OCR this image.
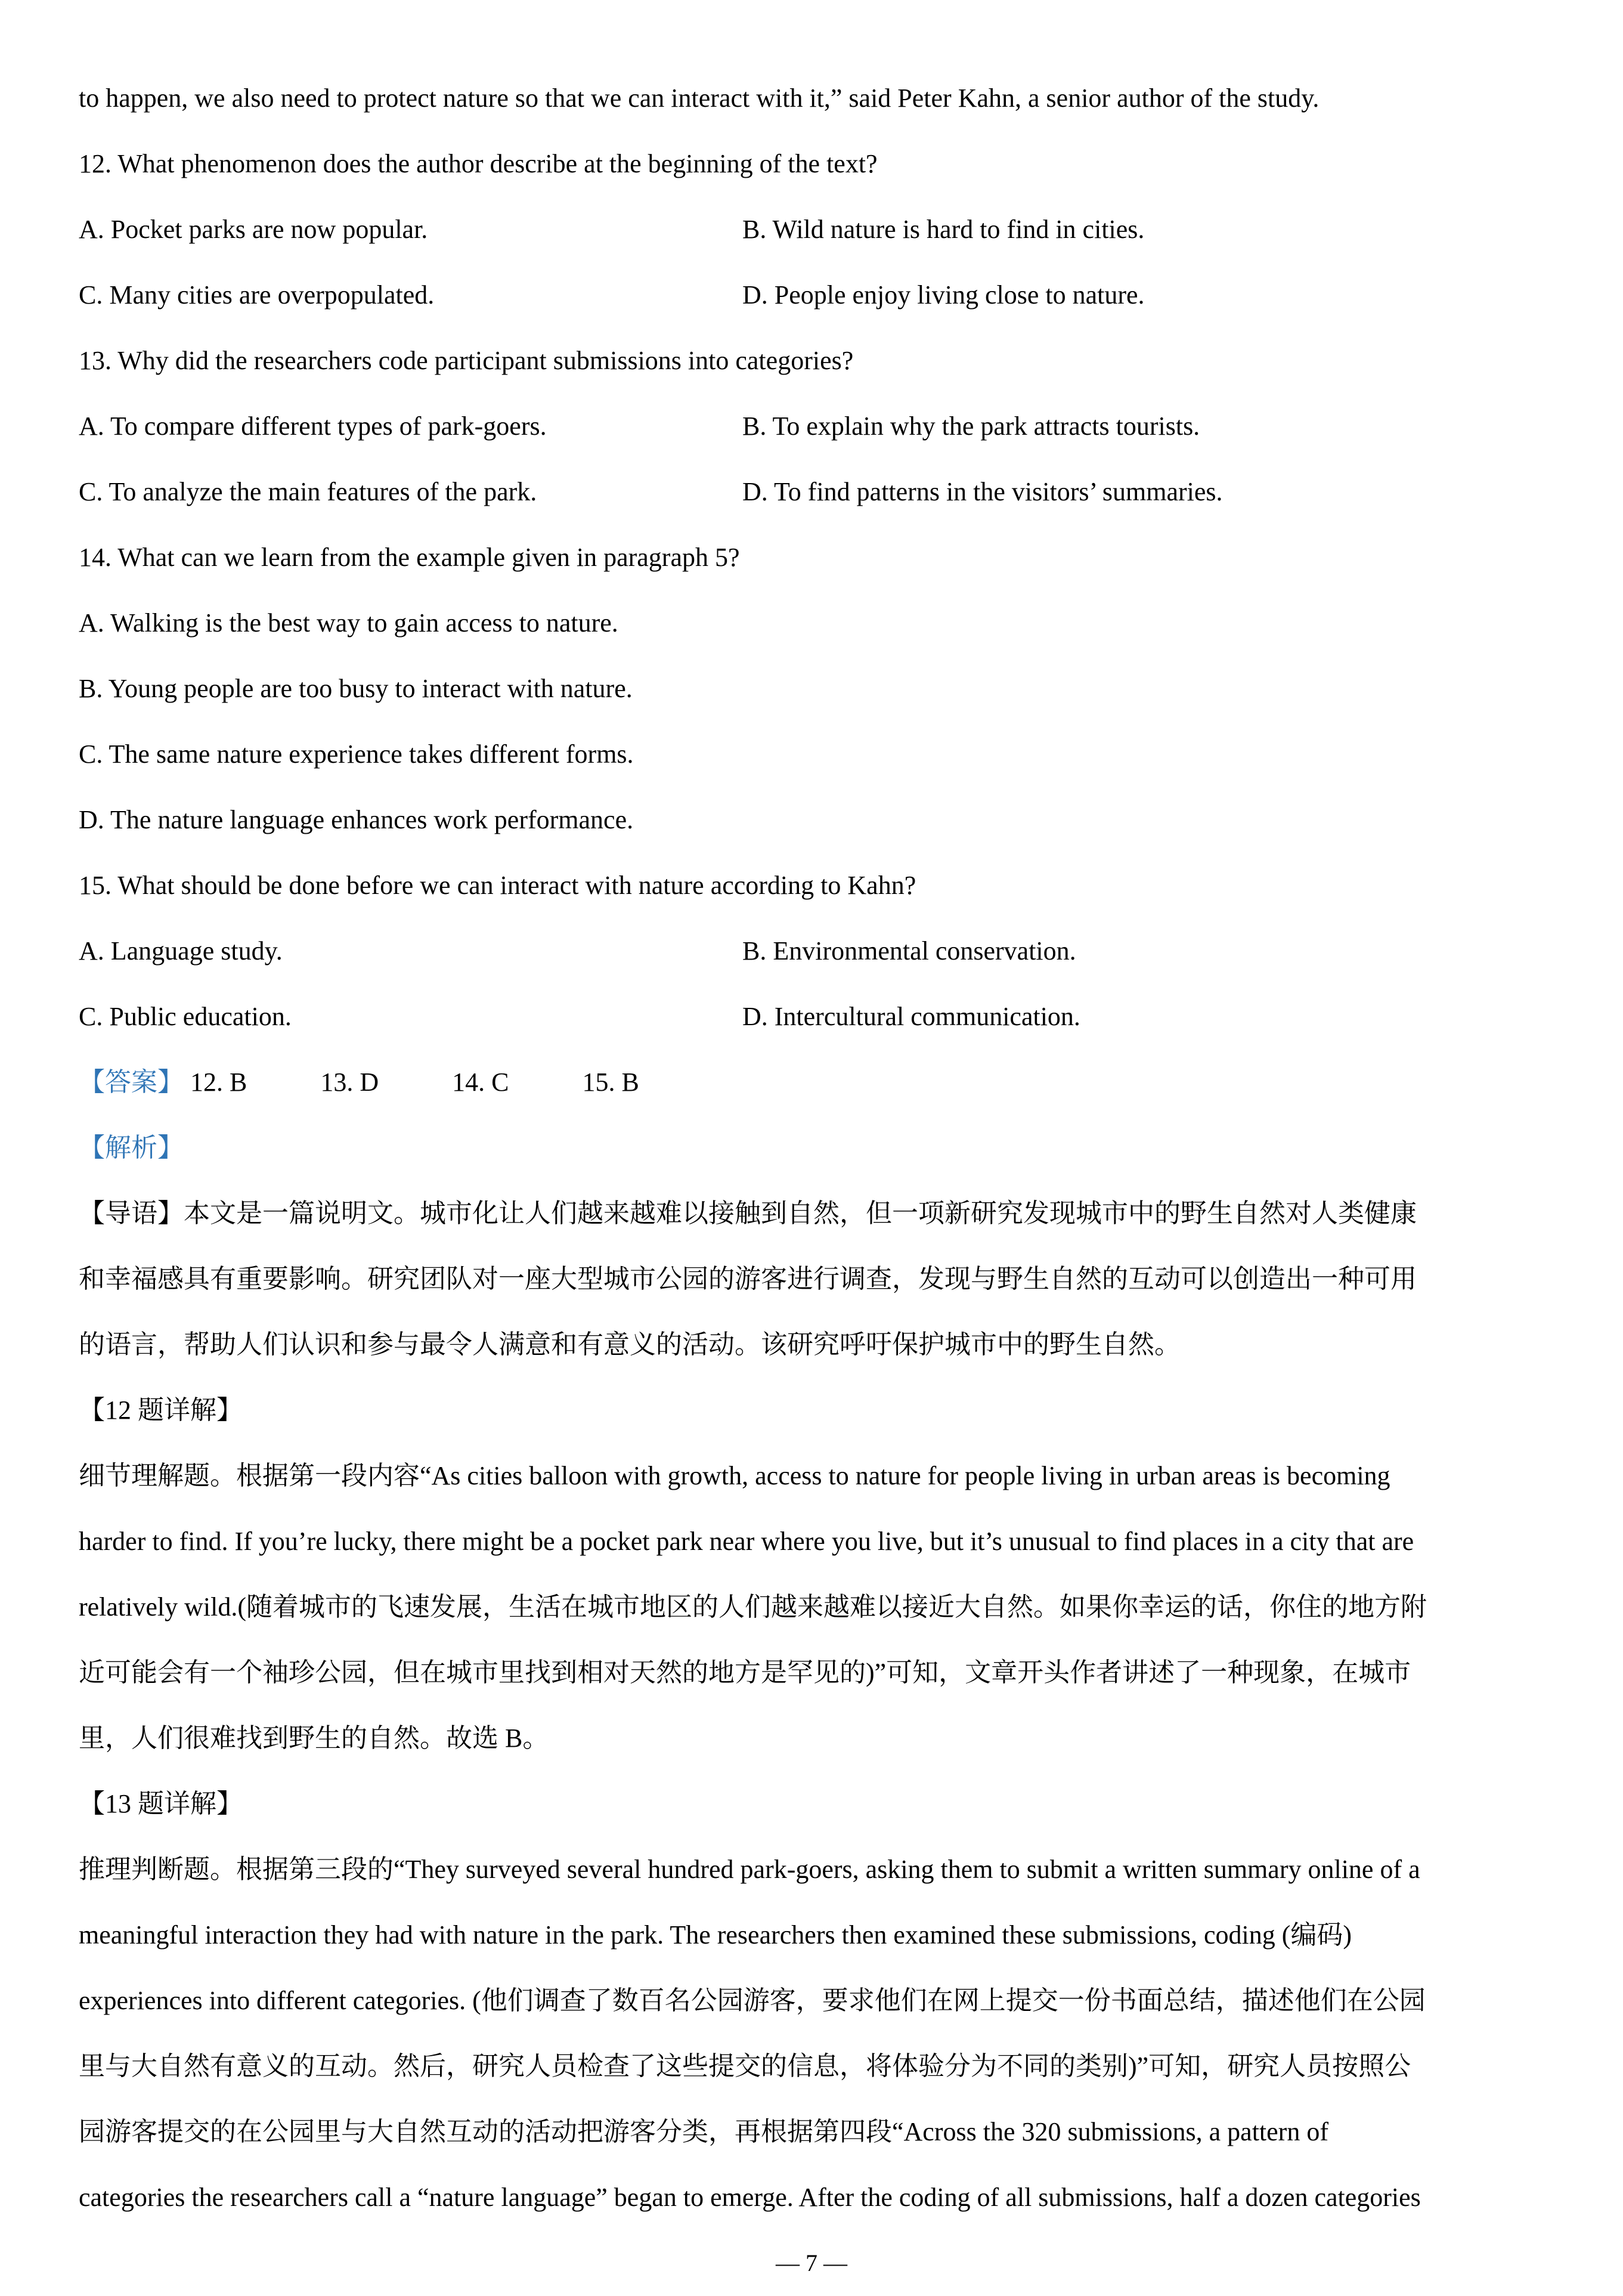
to happen, we also need to protect nature so that we can interact with it,” said Peter Kahn, a senior author of the study.
12. What phenomenon does the author describe at the beginning of the text?
A. Pocket parks are now popular.	B. Wild nature is hard to find in cities.
C. Many cities are overpopulated.	D. People enjoy living close to nature.
13. Why did the researchers code participant submissions into categories?
A. To compare different types of park-goers.	B. To explain why the park attracts tourists.
C. To analyze the main features of the park.	D. To find patterns in the visitors’ summaries.
14. What can we learn from the example given in paragraph 5?
A. Walking is the best way to gain access to nature.
B. Young people are too busy to interact with nature.
C. The same nature experience takes different forms.
D. The nature language enhances work performance.
15. What should be done before we can interact with nature according to Kahn?
A. Language study.	B. Environmental conservation.
C. Public education.	D. Intercultural communication.
【答案】 12. B	13. D	14. C	15. B
【解析】
【导语】本文是一篇说明文。城市化让人们越来越难以接触到自然，但一项新研究发现城市中的野生自然对人类健康
和幸福感具有重要影响。研究团队对一座大型城市公园的游客进行调查，发现与野生自然的互动可以创造出一种可用
的语言，帮助人们认识和参与最令人满意和有意义的活动。该研究呼吁保护城市中的野生自然。
【12 题详解】
细节理解题。根据第一段内容“As cities balloon with growth, access to nature for people living in urban areas is becoming
harder to find. If you’re lucky, there might be a pocket park near where you live, but it’s unusual to find places in a city that are
relatively wild.(随着城市的飞速发展，生活在城市地区的人们越来越难以接近大自然。如果你幸运的话，你住的地方附
近可能会有一个袖珍公园，但在城市里找到相对天然的地方是罕见的)”可知，文章开头作者讲述了一种现象，在城市
里，人们很难找到野生的自然。故选 B。
【13 题详解】
推理判断题。根据第三段的“They surveyed several hundred park-goers, asking them to submit a written summary online of a
meaningful interaction they had with nature in the park. The researchers then examined these submissions, coding (编码)
experiences into different categories. (他们调查了数百名公园游客，要求他们在网上提交一份书面总结，描述他们在公园
里与大自然有意义的互动。然后，研究人员检查了这些提交的信息，将体验分为不同的类别)”可知，研究人员按照公
园游客提交的在公园里与大自然互动的活动把游客分类，再根据第四段“Across the 320 submissions, a pattern of
categories the researchers call a “nature language” began to emerge. After the coding of all submissions, half a dozen categories
— 7 —
